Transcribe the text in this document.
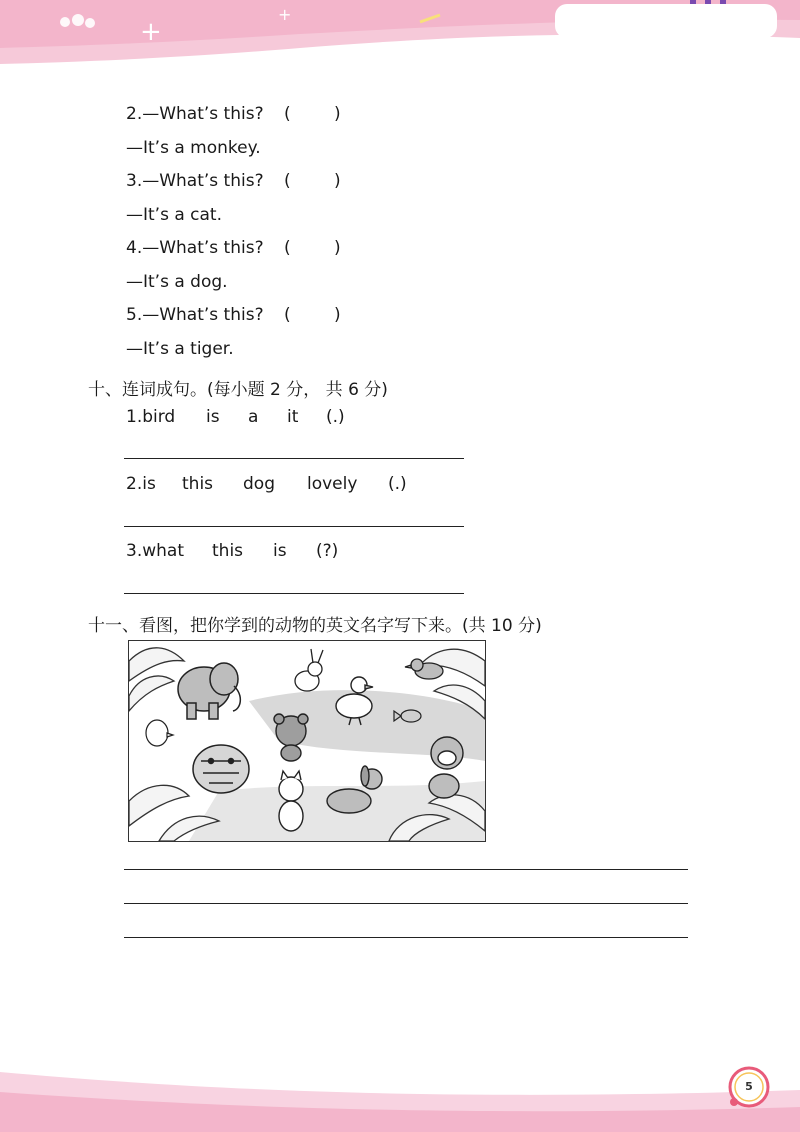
+
+
2.—What’s this? (	)
—It’s a monkey.
3.—What’s this? (	)
—It’s a cat.
4.—What’s this? (	)
—It’s a dog.
5.—What’s this? (	)
—It’s a tiger.
十、连词成句。(每小题 2 分， 共 6 分)
1.bird is a it (.)
2.is this dog lovely (.)
3.what this is (?)
十一、看图，把你学到的动物的英文名字写下来。(共 10 分)
5
